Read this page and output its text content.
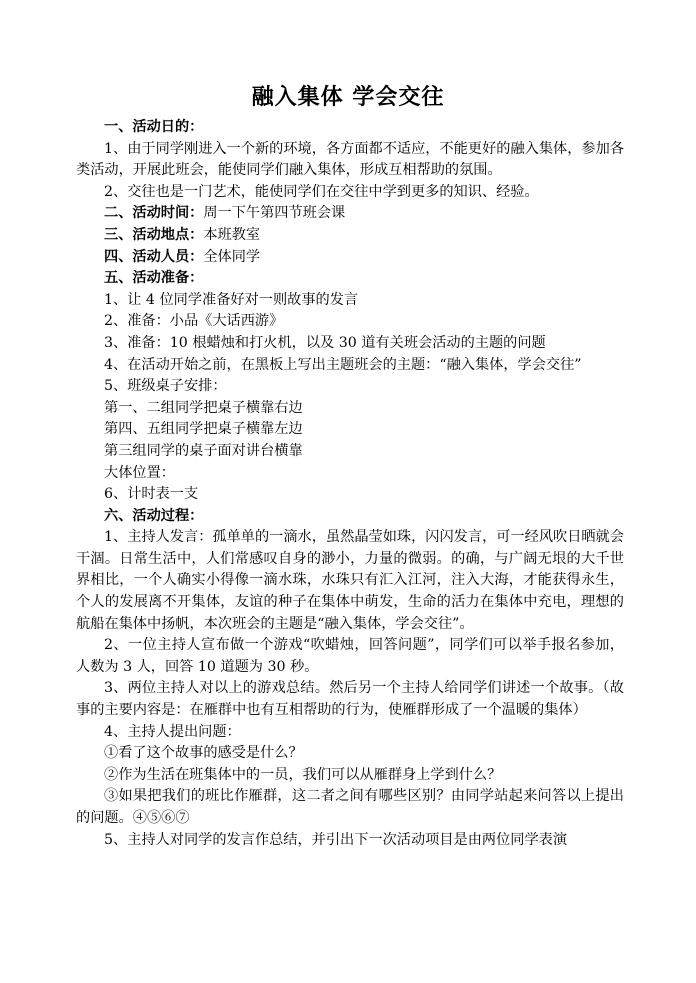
融入集体 学会交往

一、活动日的：

1、由于同学刚进入一个新的环境，各方面都不适应，不能更好的融入集体，参加各类活动，开展此班会，能使同学们融入集体，形成互相帮助的氛围。

2、交往也是一门艺术，能使同学们在交往中学到更多的知识、经验。

二、活动时间：周一下午第四节班会课

三、活动地点：本班教室

四、活动人员：全体同学

五、活动准备：

1、让 4 位同学准备好对一则故事的发言

2、准备：小品《大话西游》

3、准备：10 根蜡烛和打火机，以及 30 道有关班会活动的主题的问题

4、在活动开始之前，在黑板上写出主题班会的主题：“融入集体，学会交往”

5、班级桌子安排：

第一、二组同学把桌子横靠右边

第四、五组同学把桌子横靠左边

第三组同学的桌子面对讲台横靠

大体位置：

6、计时表一支

六、活动过程：

1、主持人发言：孤单单的一滴水，虽然晶莹如珠，闪闪发言，可一经风吹日晒就会干涸。日常生活中，人们常感叹自身的渺小，力量的微弱。的确，与广阔无垠的大千世界相比，一个人确实小得像一滴水珠，水珠只有汇入江河，注入大海，才能获得永生，个人的发展离不开集体，友谊的种子在集体中萌发，生命的活力在集体中充电，理想的航船在集体中扬帆，本次班会的主题是“融入集体，学会交往”。

2、一位主持人宣布做一个游戏“吹蜡烛，回答问题”，同学们可以举手报名参加，人数为 3 人，回答 10 道题为 30 秒。

3、两位主持人对以上的游戏总结。然后另一个主持人给同学们讲述一个故事。（故事的主要内容是：在雁群中也有互相帮助的行为，使雁群形成了一个温暖的集体）

4、主持人提出问题：

①看了这个故事的感受是什么？

②作为生活在班集体中的一员，我们可以从雁群身上学到什么？

③如果把我们的班比作雁群，这二者之间有哪些区别？由同学站起来问答以上提出的问题。④⑤⑥⑦

5、主持人对同学的发言作总结，并引出下一次活动项目是由两位同学表演
